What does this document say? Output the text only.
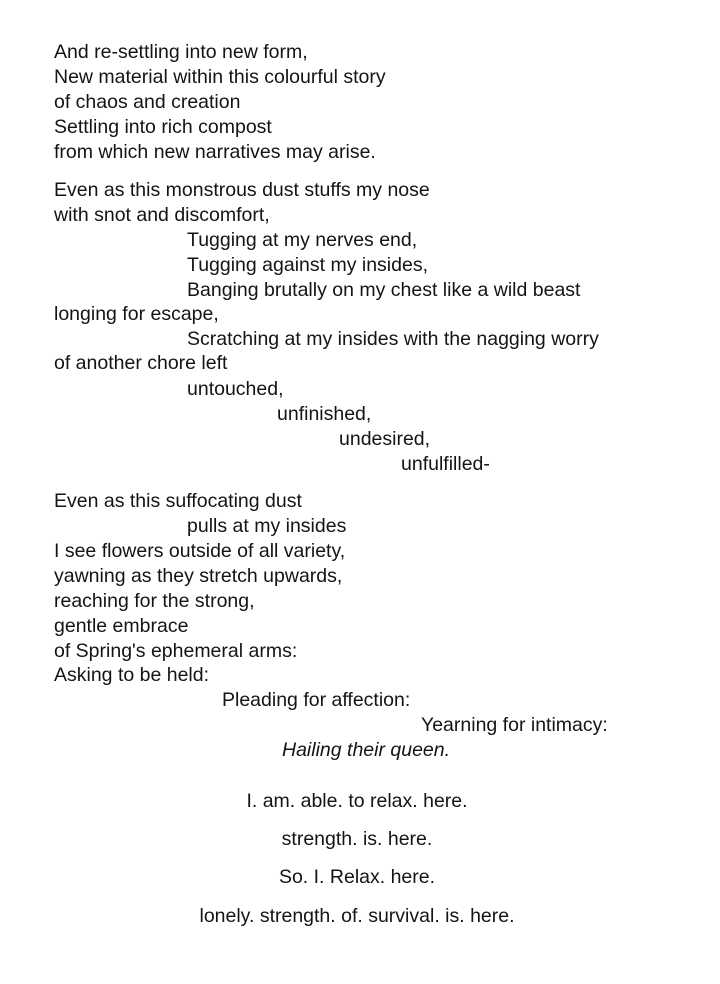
And re-settling into new form,
New material within this colourful story
of chaos and creation
Settling into rich compost
from which new narratives may arise.
Even as this monstrous dust stuffs my nose
with snot and discomfort,
Tugging at my nerves end,
Tugging against my insides,
Banging brutally on my chest like a wild beast
longing for escape,
Scratching at my insides with the nagging worry
of another chore left
untouched,
unfinished,
undesired,
unfulfilled-
Even as this suffocating dust
pulls at my insides
I see flowers outside of all variety,
yawning as they stretch upwards,
reaching for the strong,
gentle embrace
of Spring's ephemeral arms:
Asking to be held:
Pleading for affection:
Yearning for intimacy:
Hailing their queen.
I. am. able. to relax. here.
strength. is. here.
So. I. Relax. here.
lonely. strength. of. survival. is. here.
